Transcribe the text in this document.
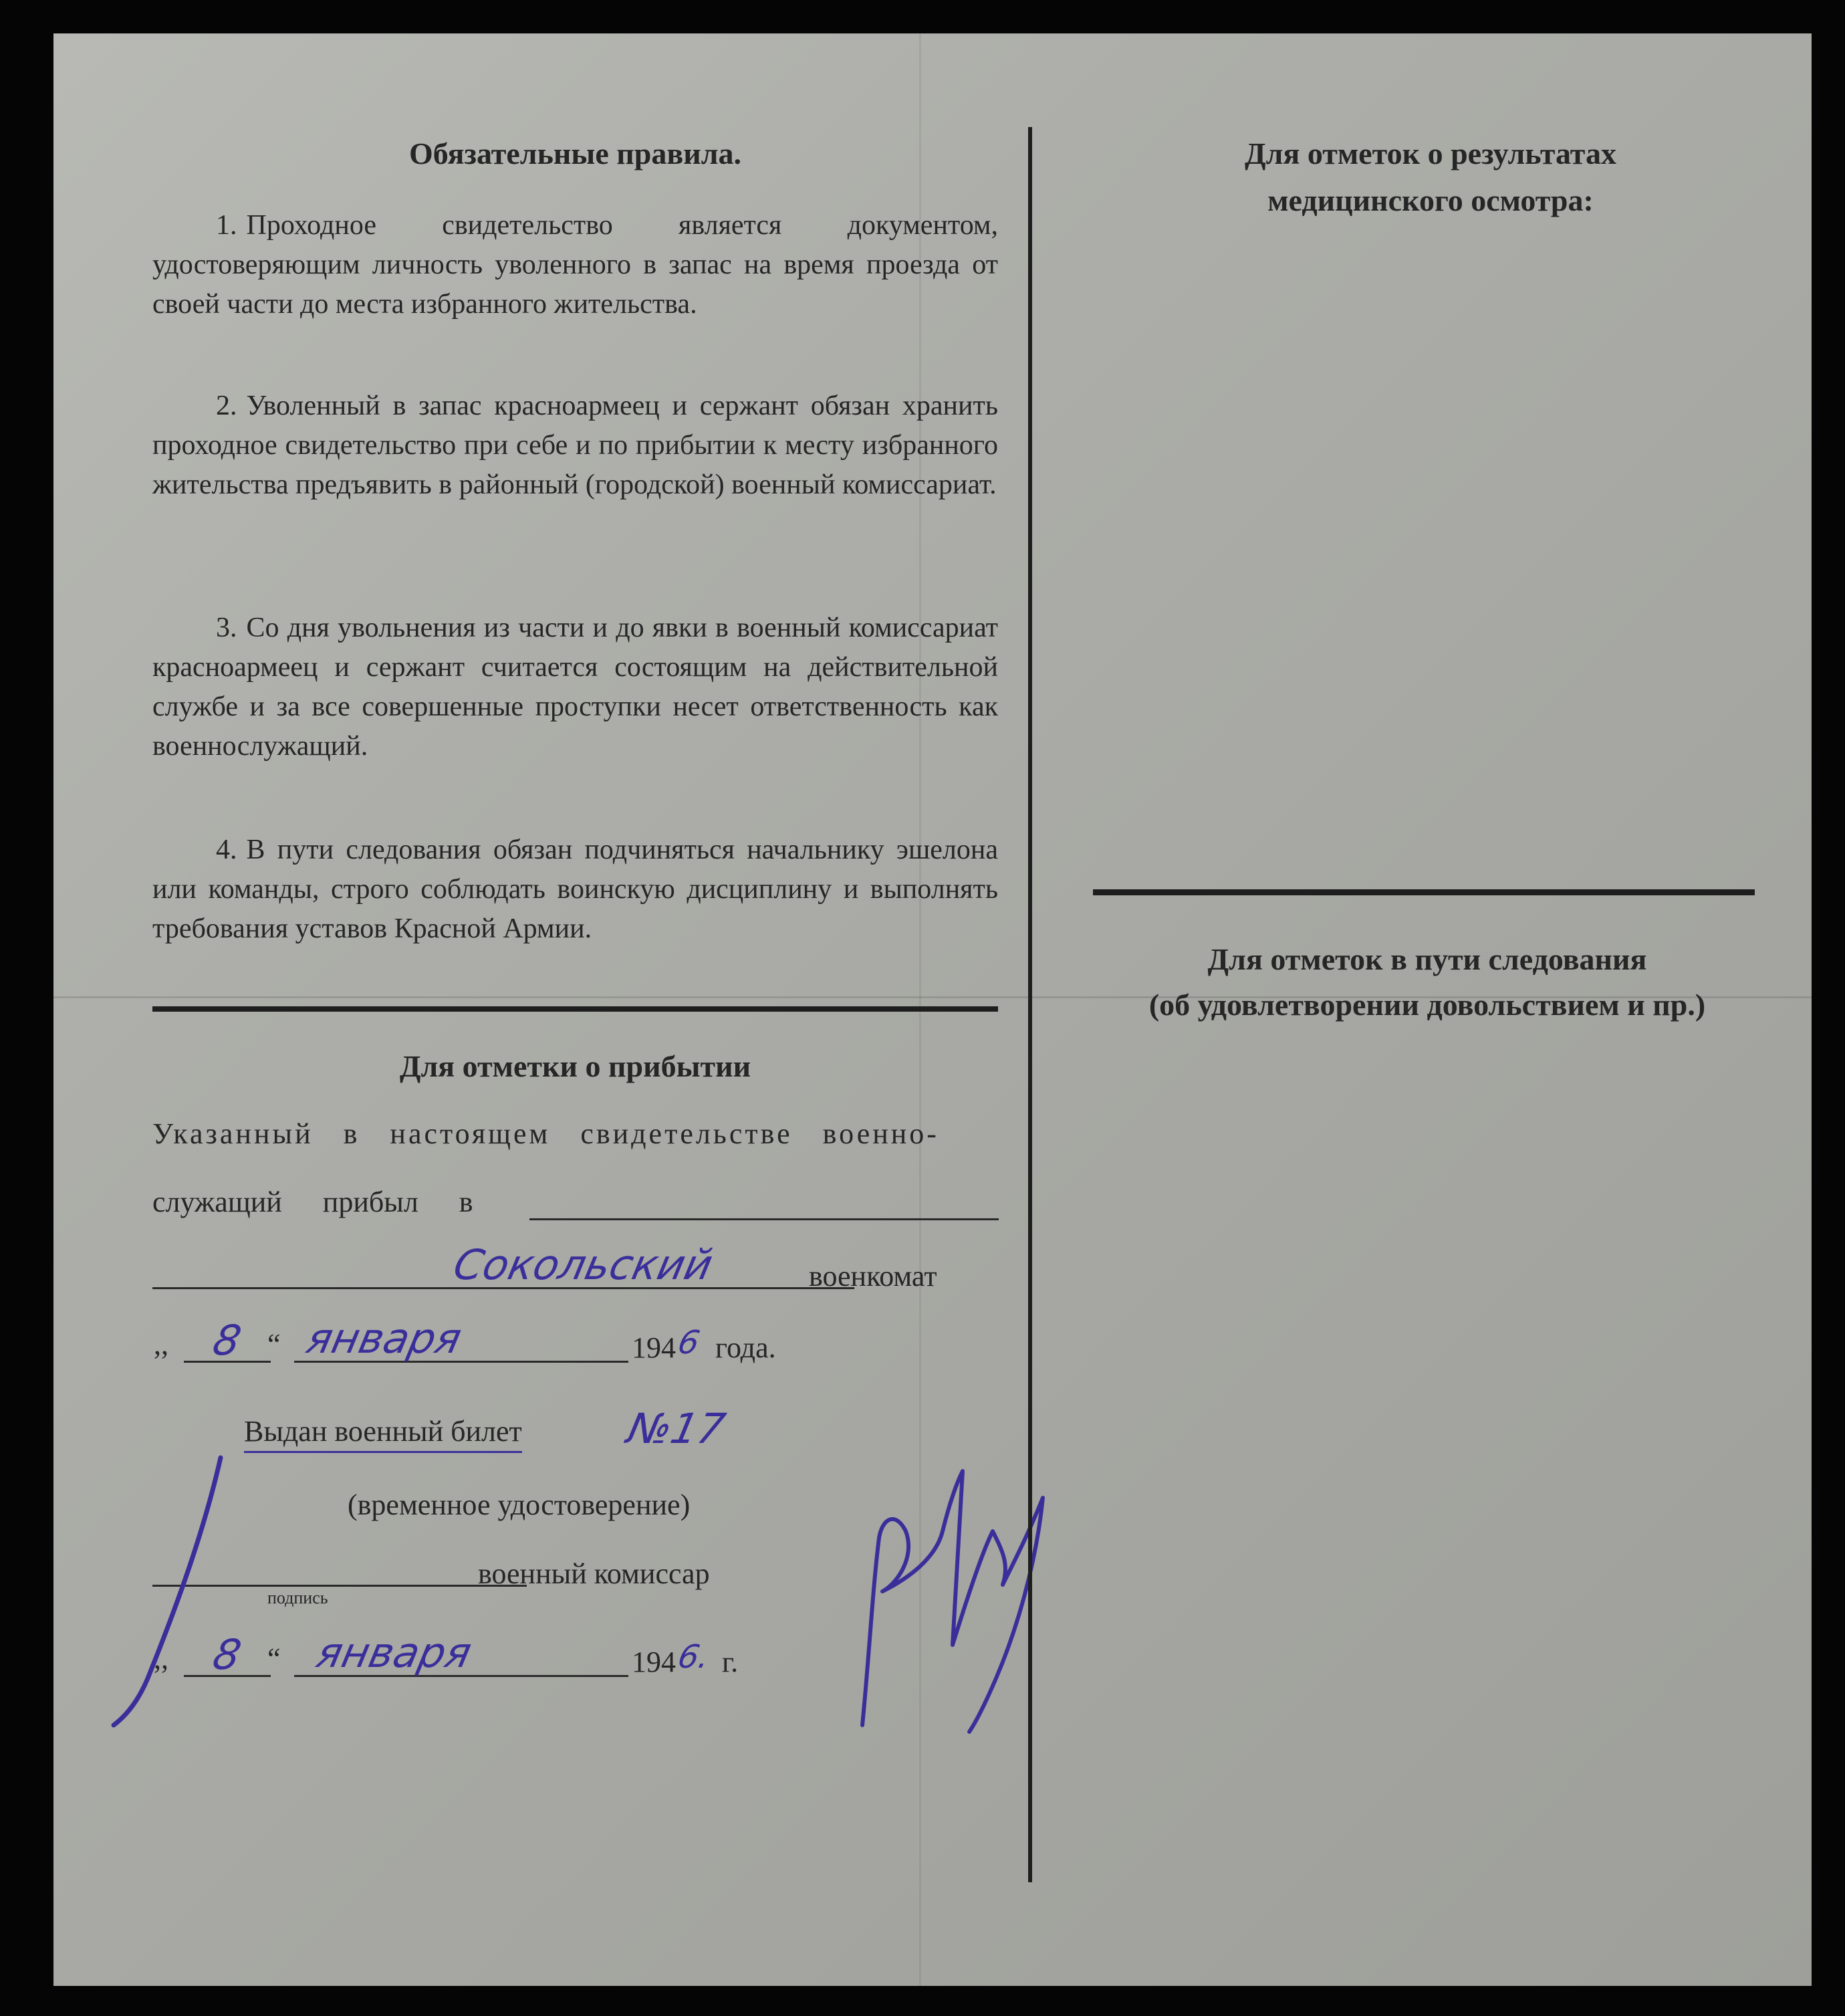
Обязательные правила.
1. Проходное свидетельство является документом, удостоверяющим личность уволенного в запас на время проезда от своей части до места избранного жительства.
2. Уволенный в запас красноармеец и сержант обязан хранить проходное свидетельство при себе и по прибытии к месту избранного жительства предъявить в районный (городской) военный комиссариат.
3. Со дня увольнения из части и до явки в военный комиссариат красноармеец и сержант считается состоящим на действительной службе и за все совершенные проступки несет ответственность как военнослужащий.
4. В пути следования обязан подчиняться начальнику эшелона или команды, строго соблюдать воинскую дисциплину и выполнять требования уставов Красной Армии.
Для отметки о прибытии
Указанный в настоящем свидетельстве военно-
служащий прибыл в
Сокольский	военкомат
,, 8 “ января	194
6 года.
Выдан военный билет №17
(временное удостоверение)
военный комиссар
подпись
,, 8 “ января	194
6. г.
Для отметок о результатах
медицинского осмотра:
Для отметок в пути следования
(об удовлетворении довольствием и пр.)
